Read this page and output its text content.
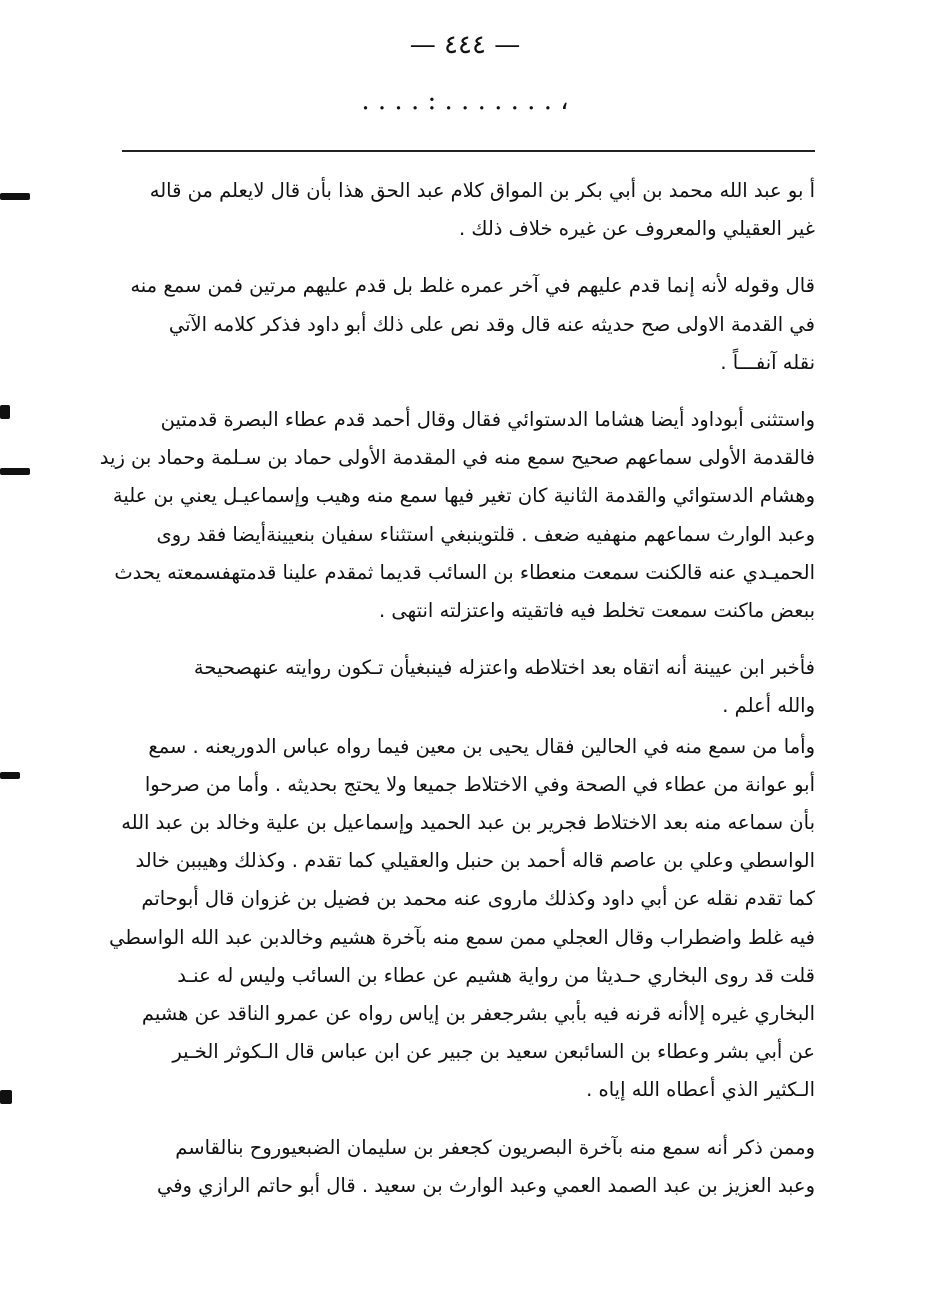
— ٤٤٤ —
. . . . : . . . . . . . ،
أ بو عبد الله محمد بن أبي بكر بن المواق كلام عبد الحق هذا بأن قال لايعلم من قاله
غير العقيلي والمعروف عن غيره خلاف ذلك .
قال وقوله لأنه إنما قدم عليهم في آخر عمره غلط بل قدم عليهم مرتين فمن سمع منه
في القدمة الاولى صح حديثه عنه قال وقد نص على ذلك أبو داود فذكر كلامه الآتي
نقله آنفـــاً .
واستثنى أبوداود أيضا هشاما الدستوائي فقال وقال أحمد قدم عطاء البصرة قدمتين
فالقدمة الأولى سماعهم صحيح سمع منه في المقدمة الأولى حماد بن سـلمة وحماد بن زيد
وهشام الدستوائي والقدمة الثانية كان تغير فيها سمع منه وهيب وإسماعيـل يعني بن علية
وعبد الوارث سماعهم منهفيه ضعف . قلتوينبغي استثناء سفيان بنعيينةأيضا فقد روى
الحميـدي عنه قالكنت سمعت منعطاء بن السائب قديما ثمقدم علينا قدمتهفسمعته يحدث
ببعض ماكنت سمعت تخلط فيه فاتقيته واعتزلته انتهى .
فأخبر ابن عيينة أنه اتقاه بعد اختلاطه واعتزله فينبغيأن تـكون روايته عنهصحيحة
والله أعلم .
وأما من سمع منه في الحالين فقال يحيى بن معين فيما رواه عباس الدوريعنه . سمع
أبو عوانة من عطاء في الصحة وفي الاختلاط جميعا ولا يحتج بحديثه . وأما من صرحوا
بأن سماعه منه بعد الاختلاط فجرير بن عبد الحميد وإسماعيل بن علية وخالد بن عبد الله
الواسطي وعلي بن عاصم قاله أحمد بن حنبل والعقيلي كما تقدم . وكذلك وهيببن خالد
كما تقدم نقله عن أبي داود وكذلك ماروى عنه محمد بن فضيل بن غزوان قال أبوحاتم
فيه غلط واضطراب وقال العجلي ممن سمع منه بآخرة هشيم وخالدبن عبد الله الواسطي
قلت قد روى البخاري حـديثا من رواية هشيم عن عطاء بن السائب وليس له عنـد
البخاري غيره إلاأنه قرنه فيه بأبي بشرجعفر بن إياس رواه عن عمرو الناقد عن هشيم
عن أبي بشر وعطاء بن السائبعن سعيد بن جبير عن ابن عباس قال الـكوثر الخـير
الـكثير الذي أعطاه الله إياه .
وممن ذكر أنه سمع منه بآخرة البصريون كجعفر بن سليمان الضبعيوروح بنالقاسم
وعبد العزيز بن عبد الصمد العمي وعبد الوارث بن سعيد . قال أبو حاتم الرازي وفي
